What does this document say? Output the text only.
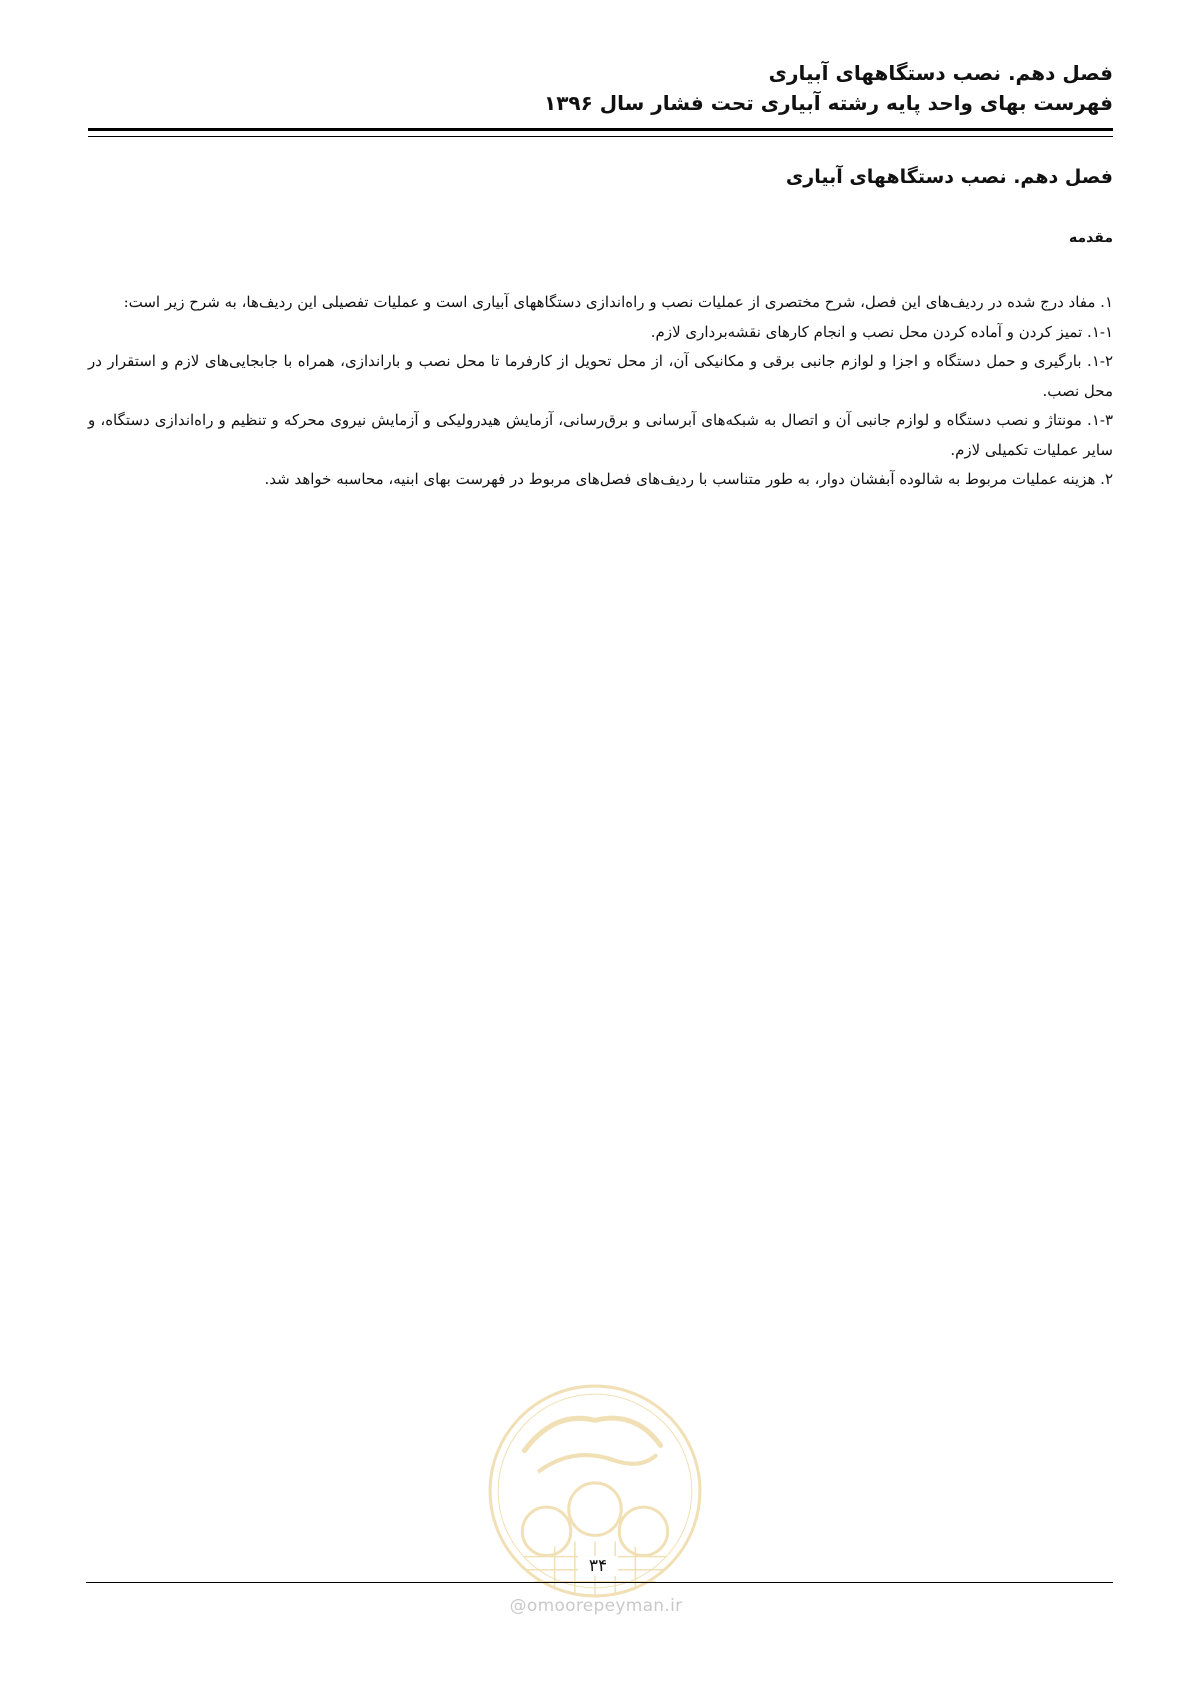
فصل دهم. نصب دستگاههای آبیاری
فهرست بهای واحد پایه رشته آبیاری تحت فشار سال ۱۳۹۶
فصل دهم. نصب دستگاههای آبیاری
مقدمه

۱. مفاد درج شده در ردیف‌های این فصل، شرح مختصری از عملیات نصب و راه‌اندازی دستگاههای آبیاری است و عملیات تفصیلی این ردیف‌ها، به شرح زیر است:

۱-۱. تمیز کردن و آماده کردن محل نصب و انجام کارهای نقشه‌برداری لازم.

۱-۲. بارگیری و حمل دستگاه و اجزا و لوازم جانبی برقی و مکانیکی آن، از محل تحویل از کارفرما تا محل نصب و باراندازی، همراه با جابجایی‌های لازم و استقرار در محل نصب.

۱-۳. مونتاژ و نصب دستگاه و لوازم جانبی آن و اتصال به شبکه‌های آبرسانی و برق‌رسانی، آزمایش هیدرولیکی و آزمایش نیروی محرکه و تنظیم و راه‌اندازی دستگاه، و سایر عملیات تکمیلی لازم.

۲. هزینه عملیات مربوط به شالوده آبفشان دوار، به طور متناسب با ردیف‌های فصل‌های مربوط در فهرست بهای ابنیه، محاسبه خواهد شد.

۳۴
@omoorepeyman.ir
